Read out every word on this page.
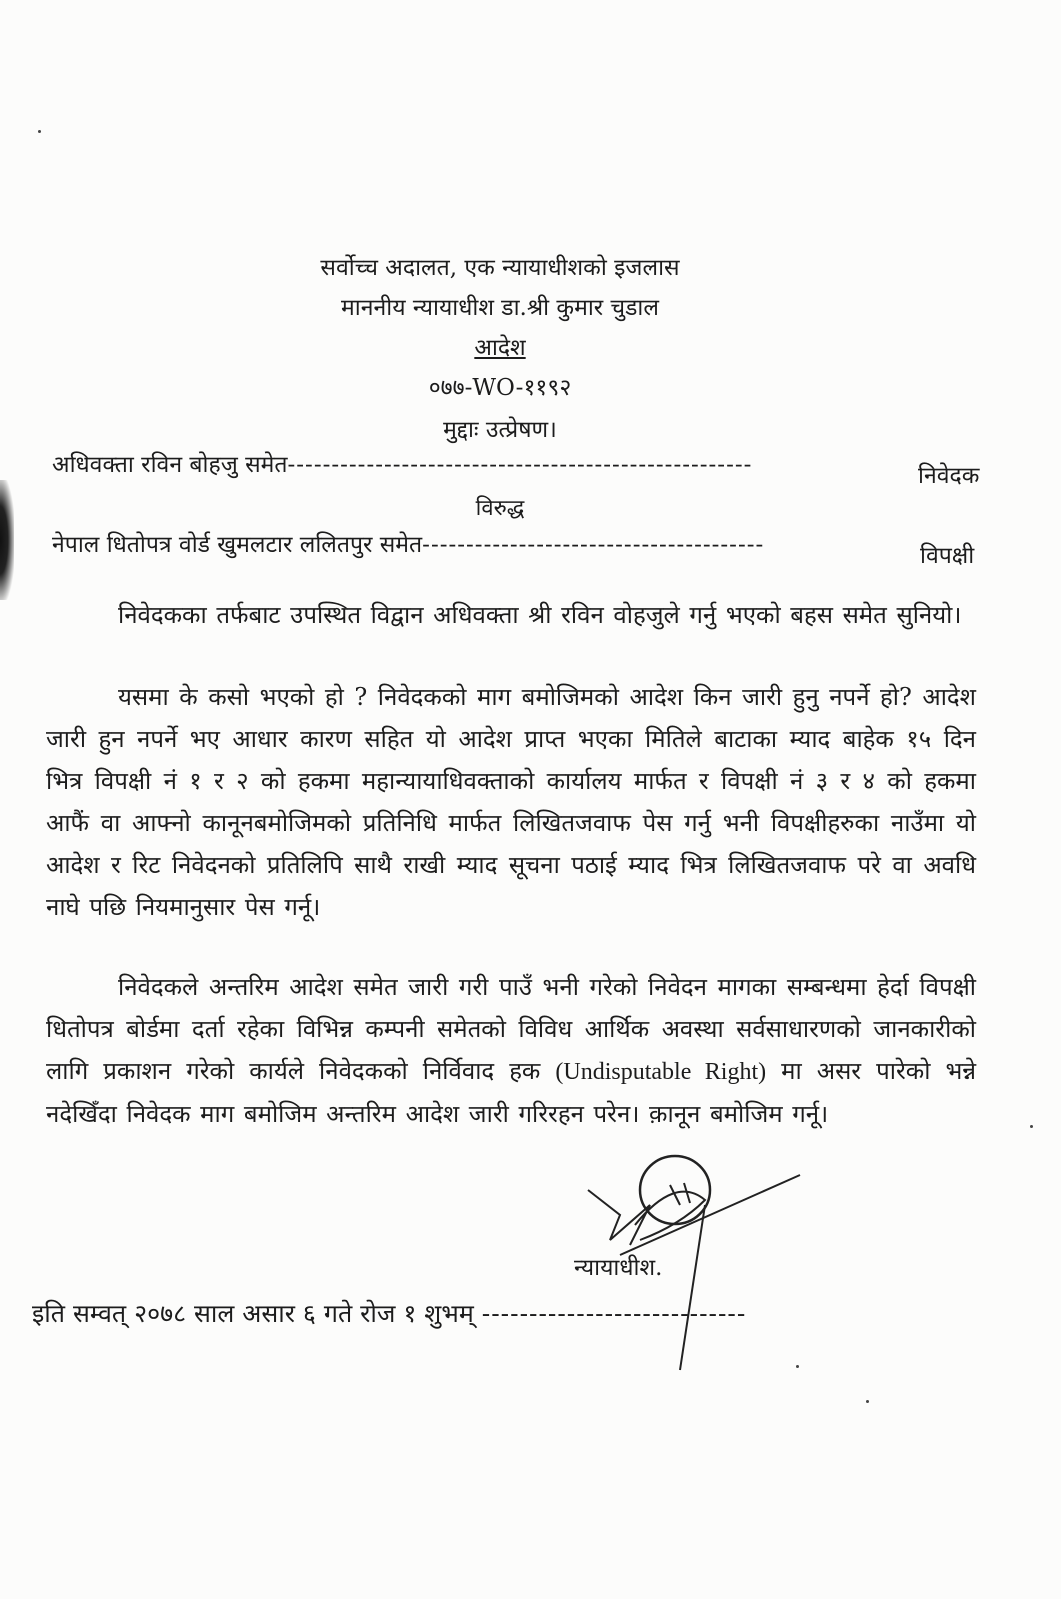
सर्वोच्च अदालत, एक न्यायाधीशको इजलास
माननीय न्यायाधीश डा.श्री कुमार चुडाल
आदेश
०७७-WO-११९२
मुद्दाः उत्प्रेषण।
अधिवक्ता रविन बोहजु समेत-----------------------------------------------------	निवेदक
विरुद्ध
नेपाल धितोपत्र वोर्ड खुमलटार ललितपुर समेत---------------------------------------	विपक्षी
निवेदकका तर्फबाट उपस्थित विद्वान अधिवक्ता श्री रविन वोहजुले गर्नु भएको बहस समेत सुनियो।
यसमा के कसो भएको हो ? निवेदकको माग बमोजिमको आदेश किन जारी हुनु नपर्ने हो? आदेश जारी हुन नपर्ने भए आधार कारण सहित यो आदेश प्राप्त भएका मितिले बाटाका म्याद बाहेक १५ दिन भित्र विपक्षी नं १ र २ को हकमा महान्यायाधिवक्ताको कार्यालय मार्फत र विपक्षी नं ३ र ४ को हकमा आफैं वा आफ्नो कानूनबमोजिमको प्रतिनिधि मार्फत लिखितजवाफ पेस गर्नु भनी विपक्षीहरुका नाउँमा यो आदेश र रिट निवेदनको प्रतिलिपि साथै राखी म्याद सूचना पठाई म्याद भित्र लिखितजवाफ परे वा अवधि नाघे पछि नियमानुसार पेस गर्नू।
निवेदकले अन्तरिम आदेश समेत जारी गरी पाउँ भनी गरेको निवेदन मागका सम्बन्धमा हेर्दा विपक्षी धितोपत्र बोर्डमा दर्ता रहेका विभिन्न कम्पनी समेतको विविध आर्थिक अवस्था सर्वसाधारणको जानकारीको लागि प्रकाशन गरेको कार्यले निवेदकको निर्विवाद हक (Undisputable Right) मा असर पारेको भन्ने नदेखिँदा निवेदक माग बमोजिम अन्तरिम आदेश जारी गरिरहन परेन। क़ानून बमोजिम गर्नू।
न्यायाधीश.
इति सम्वत् २०७८ साल असार ६ गते रोज १ शुभम् ----------------------------
